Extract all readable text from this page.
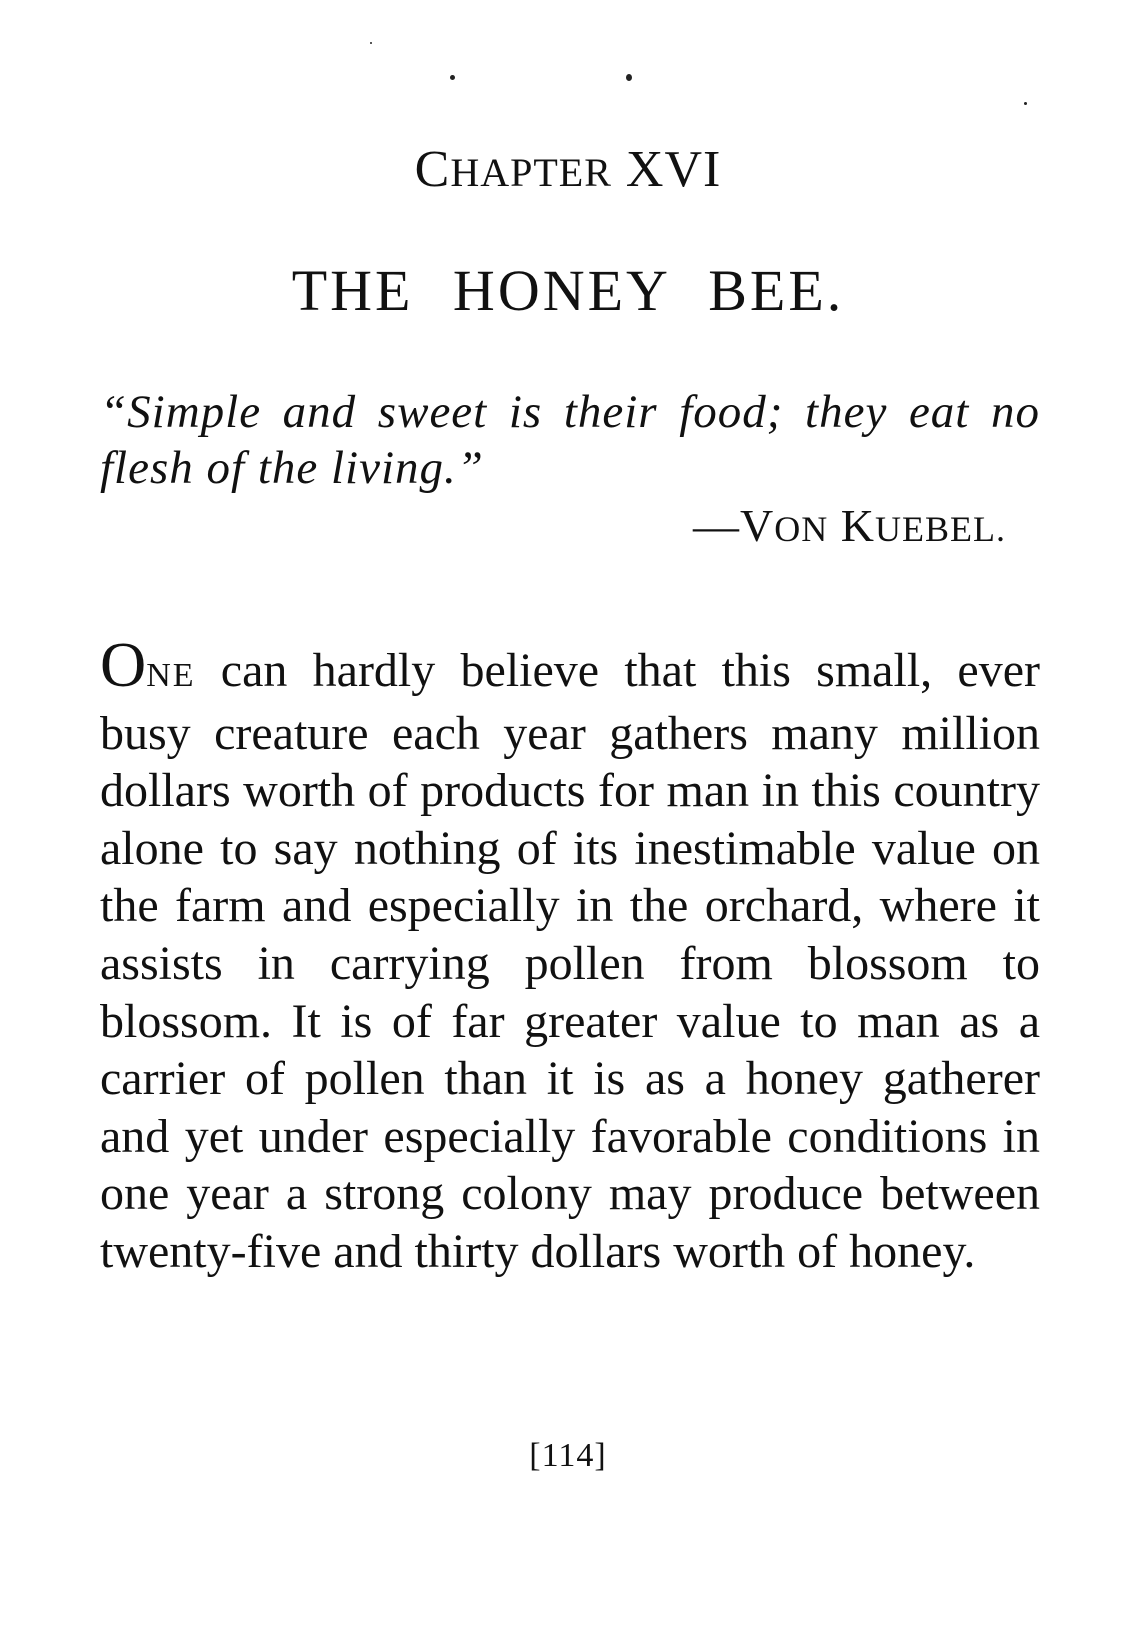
CHAPTER XVI
THE HONEY BEE.
“Simple and sweet is their food; they eat no flesh of the living.”
—VON KUEBEL.
ONE can hardly believe that this small, ever busy creature each year gathers many million dollars worth of products for man in this country alone to say nothing of its inestimable value on the farm and especially in the orchard, where it assists in carrying pollen from blossom to blossom. It is of far greater value to man as a carrier of pollen than it is as a honey gatherer and yet under especially favorable conditions in one year a strong colony may produce between twenty-five and thirty dollars worth of honey.
[114]
